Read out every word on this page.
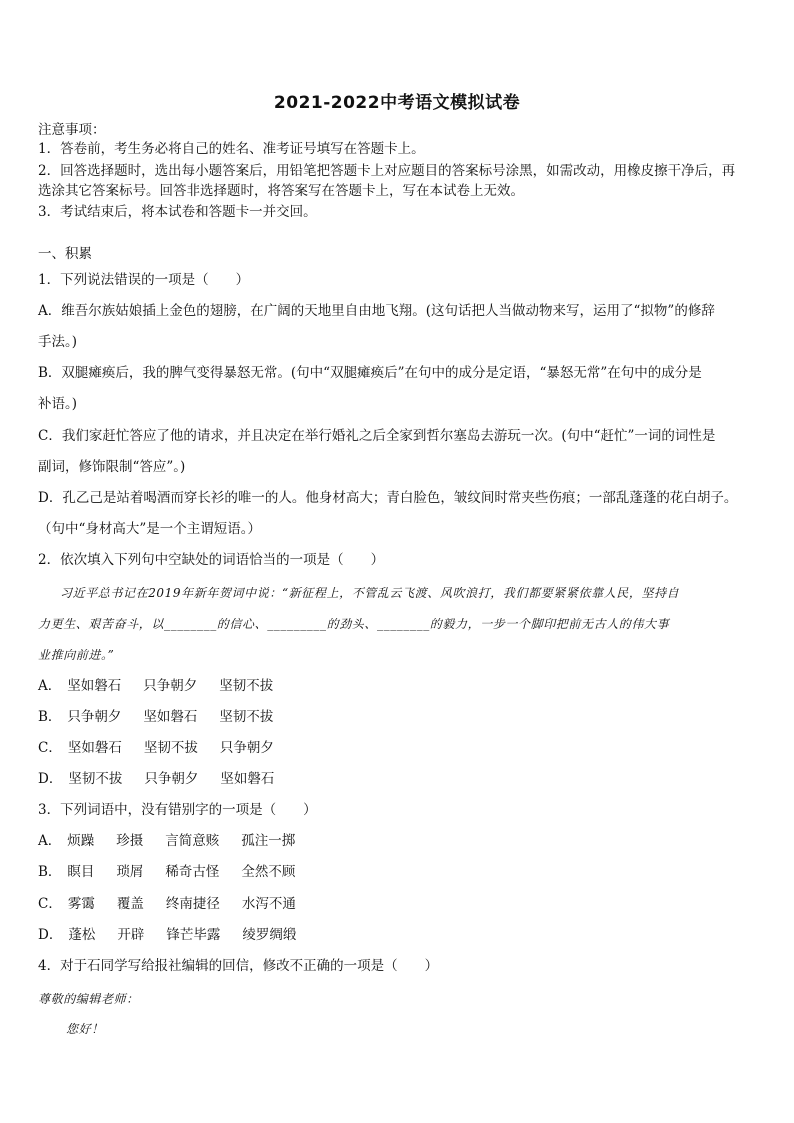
2021-2022中考语文模拟试卷
注意事项：
1．答卷前，考生务必将自己的姓名、准考证号填写在答题卡上。
2．回答选择题时，选出每小题答案后，用铅笔把答题卡上对应题目的答案标号涂黑，如需改动，用橡皮擦干净后，再
选涂其它答案标号。回答非选择题时，将答案写在答题卡上，写在本试卷上无效。
3．考试结束后，将本试卷和答题卡一并交回。
一、积累
1．下列说法错误的一项是（　　）
A．维吾尔族姑娘插上金色的翅膀，在广阔的天地里自由地飞翔。(这句话把人当做动物来写，运用了“拟物”的修辞
手法。)
B．双腿瘫痪后，我的脾气变得暴怒无常。(句中“双腿瘫痪后”在句中的成分是定语，“暴怒无常”在句中的成分是
补语。)
C．我们家赶忙答应了他的请求，并且决定在举行婚礼之后全家到哲尔塞岛去游玩一次。(句中“赶忙”一词的词性是
副词，修饰限制“答应”。)
D．孔乙己是站着喝酒而穿长衫的唯一的人。他身材高大；青白脸色，皱纹间时常夹些伤痕；一部乱蓬蓬的花白胡子。
（句中“身材高大”是一个主谓短语。）
2．依次填入下列句中空缺处的词语恰当的一项是（　　）
习近平总书记在2019年新年贺词中说：“新征程上，不管乱云飞渡、风吹浪打，我们都要紧紧依靠人民，坚持自
力更生、艰苦奋斗，以________的信心、_________的劲头、________的毅力，一步一个脚印把前无古人的伟大事
业推向前进。”
A． 坚如磐石 只争朝夕 坚韧不拔
B． 只争朝夕 坚如磐石 坚韧不拔
C． 坚如磐石 坚韧不拔 只争朝夕
D． 坚韧不拔 只争朝夕 坚如磐石
3．下列词语中，没有错别字的一项是（　　）
A． 烦躁 珍摄 言简意赅 孤注一掷
B． 瞑目 琐屑 稀奇古怪 全然不顾
C． 雾霭 覆盖 终南捷径 水泻不通
D． 蓬松 开辟 锋芒毕露 绫罗绸缎
4．对于石同学写给报社编辑的回信，修改不正确的一项是（　　）
尊敬的编辑老师：
您好！
